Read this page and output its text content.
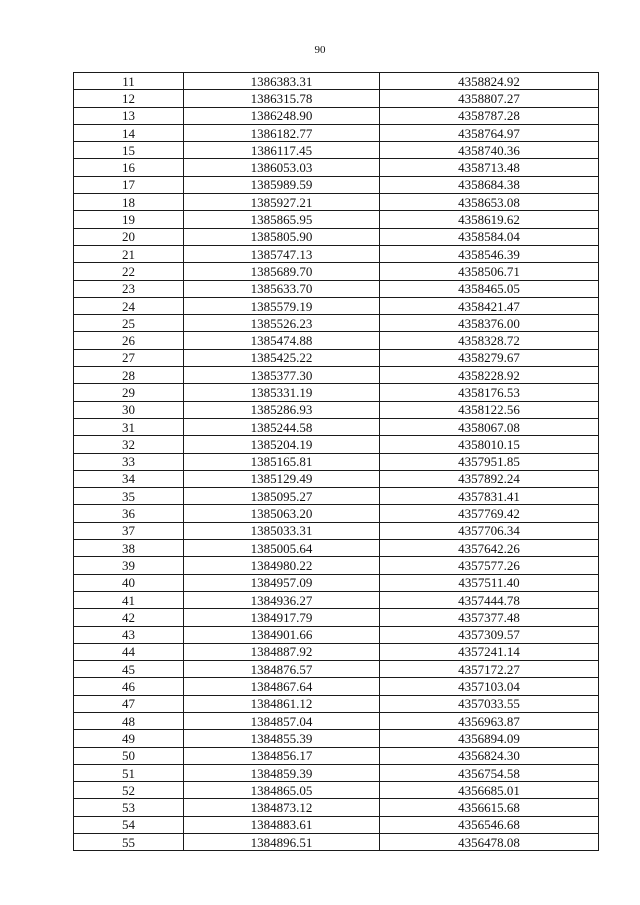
90
11	1386383.31	4358824.92
12	1386315.78	4358807.27
13	1386248.90	4358787.28
14	1386182.77	4358764.97
15	1386117.45	4358740.36
16	1386053.03	4358713.48
17	1385989.59	4358684.38
18	1385927.21	4358653.08
19	1385865.95	4358619.62
20	1385805.90	4358584.04
21	1385747.13	4358546.39
22	1385689.70	4358506.71
23	1385633.70	4358465.05
24	1385579.19	4358421.47
25	1385526.23	4358376.00
26	1385474.88	4358328.72
27	1385425.22	4358279.67
28	1385377.30	4358228.92
29	1385331.19	4358176.53
30	1385286.93	4358122.56
31	1385244.58	4358067.08
32	1385204.19	4358010.15
33	1385165.81	4357951.85
34	1385129.49	4357892.24
35	1385095.27	4357831.41
36	1385063.20	4357769.42
37	1385033.31	4357706.34
38	1385005.64	4357642.26
39	1384980.22	4357577.26
40	1384957.09	4357511.40
41	1384936.27	4357444.78
42	1384917.79	4357377.48
43	1384901.66	4357309.57
44	1384887.92	4357241.14
45	1384876.57	4357172.27
46	1384867.64	4357103.04
47	1384861.12	4357033.55
48	1384857.04	4356963.87
49	1384855.39	4356894.09
50	1384856.17	4356824.30
51	1384859.39	4356754.58
52	1384865.05	4356685.01
53	1384873.12	4356615.68
54	1384883.61	4356546.68
55	1384896.51	4356478.08
